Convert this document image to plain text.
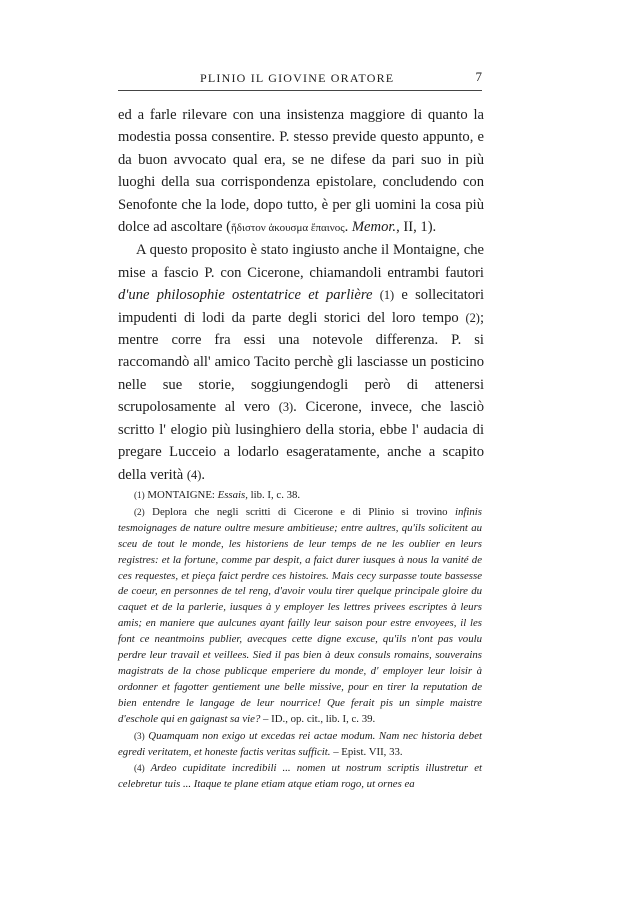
PLINIO IL GIOVINE ORATORE	7

ed a farle rilevare con una insistenza maggiore di quanto la modestia possa consentire. P. stesso previde questo appunto, e da buon avvocato qual era, se ne difese da pari suo in più luoghi della sua corrispondenza epistolare, concludendo con Senofonte che la lode, dopo tutto, è per gli uomini la cosa più dolce ad ascoltare (ἥδιστον ἀκουσμα ἔπαινος. Memor., II, 1).

A questo proposito è stato ingiusto anche il Montaigne, che mise a fascio P. con Cicerone, chiamandoli entrambi fautori d'une philosophie ostentatrice et parlière (1) e sollecitatori impudenti di lodi da parte degli storici del loro tempo (2); mentre corre fra essi una notevole differenza. P. si raccomandò all' amico Tacito perchè gli lasciasse un posticino nelle sue storie, soggiungendogli però di attenersi scrupolosamente al vero (3). Cicerone, invece, che lasciò scritto l' elogio più lusinghiero della storia, ebbe l' audacia di pregare Lucceio a lodarlo esageratamente, anche a scapito della verità (4).

(1) MONTAIGNE: Essais, lib. I, c. 38.

(2) Deplora che negli scritti di Cicerone e di Plinio si trovino infinis tesmoignages de nature oultre mesure ambitieuse; entre aultres, qu'ils solicitent au sceu de tout le monde, les historiens de leur temps de ne les oublier en leurs registres: et la fortune, comme par despit, a faict durer iusques à nous la vanité de ces requestes, et pieça faict perdre ces histoires. Mais cecy surpasse toute bassesse de coeur, en personnes de tel reng, d'avoir voulu tirer quelque principale gloire du caquet et de la parlerie, iusques à y employer les lettres privees escriptes à leurs amis; en maniere que aulcunes ayant failly leur saison pour estre envoyees, il les font ce neantmoins publier, avecques cette digne excuse, qu'ils n'ont pas voulu perdre leur travail et veillees. Sied il pas bien à deux consuls romains, souverains magistrats de la chose publicque emperiere du monde, d' employer leur loisir à ordonner et fagotter gentiement une belle missive, pour en tirer la reputation de bien entendre le langage de leur nourrice! Que ferait pis un simple maistre d'eschole qui en gaignast sa vie? – ID., op. cit., lib. I, c. 39.

(3) Quamquam non exigo ut excedas rei actae modum. Nam nec historia debet egredi veritatem, et honeste factis veritas sufficit. – Epist. VII, 33.

(4) Ardeo cupiditate incredibili ... nomen ut nostrum scriptis illustretur et celebretur tuis ... Itaque te plane etiam atque etiam rogo, ut ornes ea
